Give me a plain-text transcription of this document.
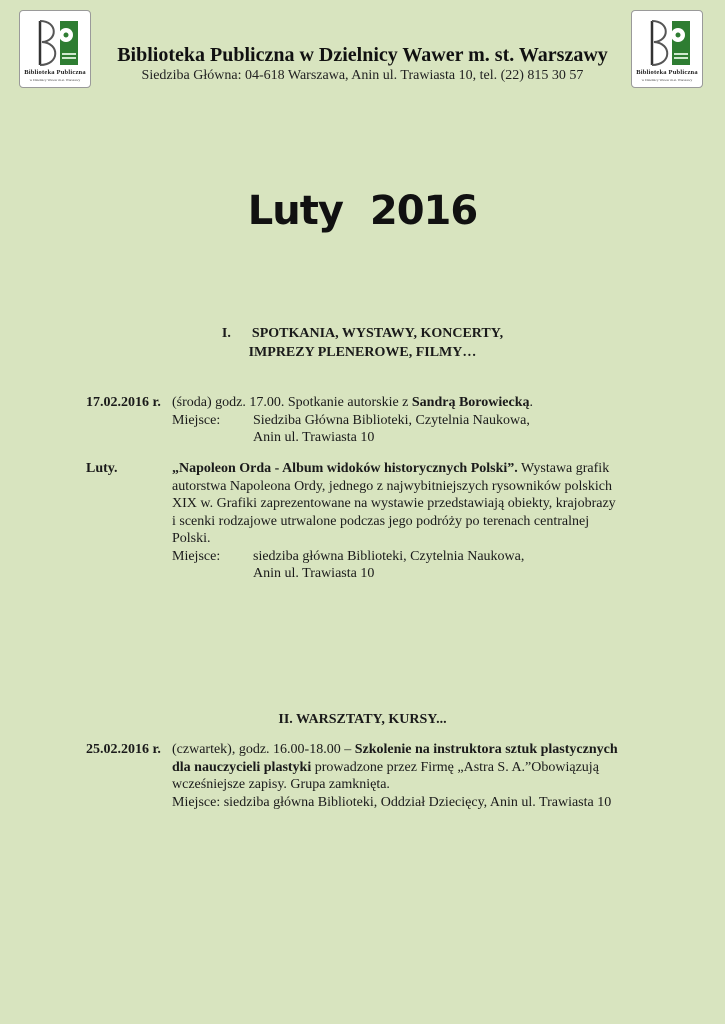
Biblioteka Publiczna
w Dzielnicy Wawer m.st. Warszawy
Biblioteka Publiczna
w Dzielnicy Wawer m.st. Warszawy
Biblioteka Publiczna w Dzielnicy Wawer m. st. Warszawy
Siedziba Główna: 04-618 Warszawa, Anin ul. Trawiasta 10, tel. (22) 815 30 57
Luty 2016
I. SPOTKANIA, WYSTAWY, KONCERTY,
IMPREZY PLENEROWE, FILMY…
17.02.2016 r. (środa) godz. 17.00. Spotkanie autorskie z Sandrą Borowiecką.
Miejsce:	Siedziba Główna Biblioteki, Czytelnia Naukowa,
Anin ul. Trawiasta 10
Luty.	„Napoleon Orda - Album widoków historycznych Polski”. Wystawa grafik
autorstwa Napoleona Ordy, jednego z najwybitniejszych rysowników polskich
XIX w. Grafiki zaprezentowane na wystawie przedstawiają obiekty, krajobrazy
i scenki rodzajowe utrwalone podczas jego podróży po terenach centralnej
Polski.
Miejsce:	siedziba główna Biblioteki, Czytelnia Naukowa,
Anin ul. Trawiasta 10
II. WARSZTATY, KURSY...
25.02.2016 r. (czwartek), godz. 16.00-18.00 – Szkolenie na instruktora sztuk plastycznych
dla nauczycieli plastyki prowadzone przez Firmę „Astra S. A.”Obowiązują
wcześniejsze zapisy. Grupa zamknięta.
Miejsce: siedziba główna Biblioteki, Oddział Dziecięcy, Anin ul. Trawiasta 10
